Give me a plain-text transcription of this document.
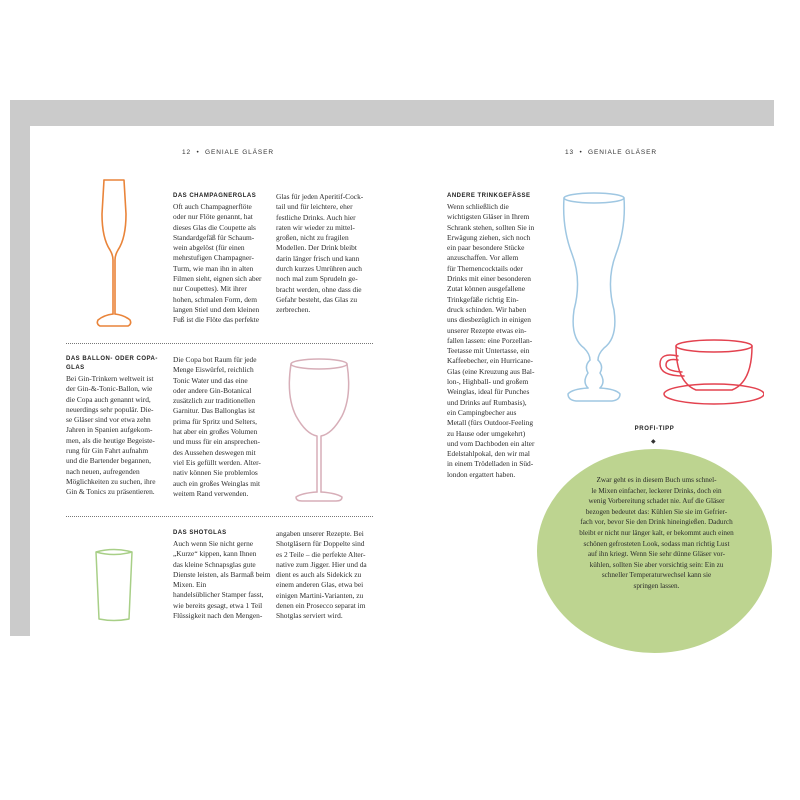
12  •  GENIALE GLÄSER	13  •  GENIALE GLÄSER
DAS CHAMPAGNERGLAS
Oft auch Champagnerflöte
oder nur Flöte genannt, hat
dieses Glas die Coupette als
Standardgefäß für Schaum-
wein abgelöst (für einen
mehrstufigen Champagner-
Turm, wie man ihn in alten
Filmen sieht, eignen sich aber
nur Coupettes). Mit ihrer
hohen, schmalen Form, dem
langen Stiel und dem kleinen
Fuß ist die Flöte das perfekte
Glas für jeden Aperitif-Cock-
tail und für leichtere, eher
festliche Drinks. Auch hier
raten wir wieder zu mittel-
großen, nicht zu fragilen
Modellen. Der Drink bleibt
darin länger frisch und kann
durch kurzes Umrühren auch
noch mal zum Sprudeln ge-
bracht werden, ohne dass die
Gefahr besteht, das Glas zu
zerbrechen.
DAS BALLON- ODER COPA-GLAS
Bei Gin-Trinkern weltweit ist
der Gin-&-Tonic-Ballon, wie
die Copa auch genannt wird,
neuerdings sehr populär. Die-
se Gläser sind vor etwa zehn
Jahren in Spanien aufgekom-
men, als die heutige Begeiste-
rung für Gin Fahrt aufnahm
und die Bartender begannen,
nach neuen, aufregenden
Möglichkeiten zu suchen, ihre
Gin & Tonics zu präsentieren.
Die Copa bot Raum für jede
Menge Eiswürfel, reichlich
Tonic Water und das eine
oder andere Gin-Botanical
zusätzlich zur traditionellen
Garnitur. Das Ballonglas ist
prima für Spritz und Selters,
hat aber ein großes Volumen
und muss für ein ansprechen-
des Aussehen deswegen mit
viel Eis gefüllt werden. Alter-
nativ können Sie problemlos
auch ein großes Weinglas mit
weitem Rand verwenden.
DAS SHOTGLAS
Auch wenn Sie nicht gerne
„Kurze“ kippen, kann Ihnen
das kleine Schnapsglas gute
Dienste leisten, als Barmaß beim Mixen. Ein
handelsüblicher Stamper fasst,
wie bereits gesagt, etwa 1 Teil
Flüssigkeit nach den Mengen-
angaben unserer Rezepte. Bei
Shotgläsern für Doppelte sind
es 2 Teile – die perfekte Alter-
native zum Jigger. Hier und da
dient es auch als Sidekick zu
einem anderen Glas, etwa bei
einigen Martini-Varianten, zu
denen ein Prosecco separat im
Shotglas serviert wird.
ANDERE TRINKGEFÄSSE
Wenn schließlich die
wichtigsten Gläser in Ihrem
Schrank stehen, sollten Sie in
Erwägung ziehen, sich noch
ein paar besondere Stücke
anzuschaffen. Vor allem
für Themencocktails oder
Drinks mit einer besonderen
Zutat können ausgefallene
Trinkgefäße richtig Ein-
druck schinden. Wir haben
uns diesbezüglich in einigen
unserer Rezepte etwas ein-
fallen lassen: eine Porzellan-
Teetasse mit Untertasse, ein
Kaffeebecher, ein Hurricane-
Glas (eine Kreuzung aus Bal-
lon-, Highball- und großem
Weinglas, ideal für Punches
und Drinks auf Rumbasis),
ein Campingbecher aus
Metall (fürs Outdoor-Feeling
zu Hause oder umgekehrt)
und vom Dachboden ein alter
Edelstahlpokal, den wir mal
in einem Trödelladen in Süd-
london ergattert haben.
PROFI-TIPP
◆
Zwar geht es in diesem Buch ums schnel-
le Mixen einfacher, leckerer Drinks, doch ein
wenig Vorbereitung schadet nie. Auf die Gläser
bezogen bedeutet das: Kühlen Sie sie im Gefrier-
fach vor, bevor Sie den Drink hineingießen. Dadurch
bleibt er nicht nur länger kalt, er bekommt auch einen
schönen gefrosteten Look, sodass man richtig Lust
auf ihn kriegt. Wenn Sie sehr dünne Gläser vor-
kühlen, sollten Sie aber vorsichtig sein: Ein zu
schneller Temperaturwechsel kann sie
springen lassen.
